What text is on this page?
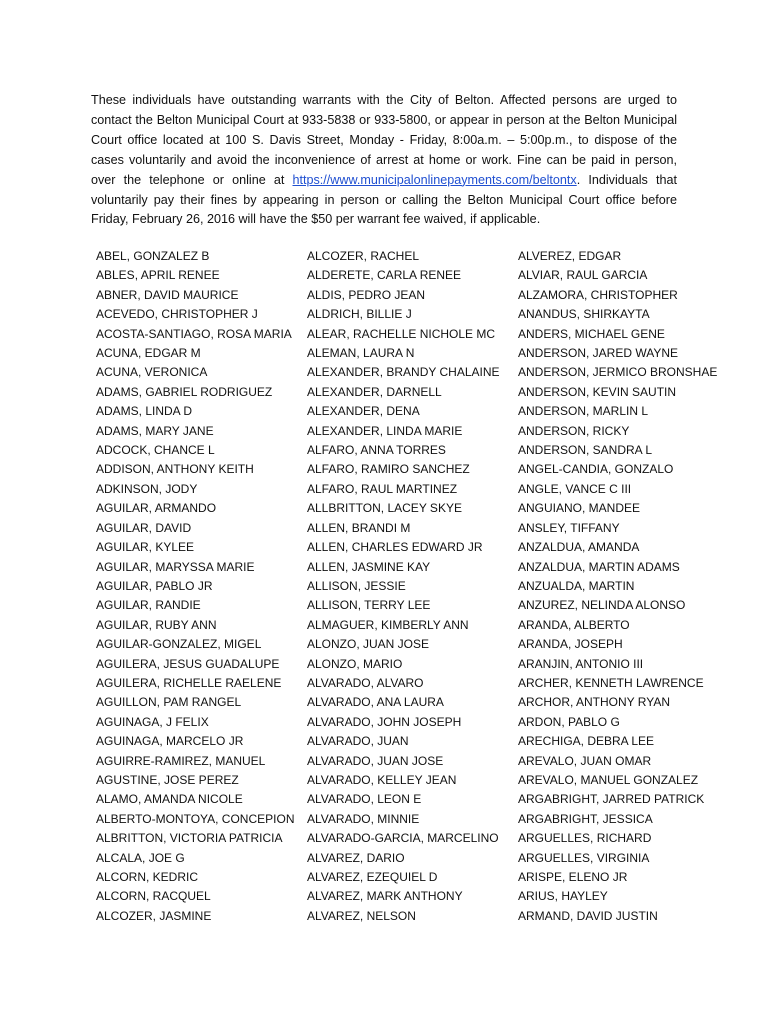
These individuals have outstanding warrants with the City of Belton. Affected persons are urged to contact the Belton Municipal Court at 933-5838 or 933-5800, or appear in person at the Belton Municipal Court office located at 100 S. Davis Street, Monday - Friday, 8:00a.m. – 5:00p.m., to dispose of the cases voluntarily and avoid the inconvenience of arrest at home or work. Fine can be paid in person, over the telephone or online at https://www.municipalonlinepayments.com/beltontx. Individuals that voluntarily pay their fines by appearing in person or calling the Belton Municipal Court office before Friday, February 26, 2016 will have the $50 per warrant fee waived, if applicable.

ABEL, GONZALEZ B
ABLES, APRIL RENEE
ABNER, DAVID MAURICE
ACEVEDO, CHRISTOPHER J
ACOSTA-SANTIAGO, ROSA MARIA
ACUNA, EDGAR M
ACUNA, VERONICA
ADAMS, GABRIEL RODRIGUEZ
ADAMS, LINDA D
ADAMS, MARY JANE
ADCOCK, CHANCE L
ADDISON, ANTHONY KEITH
ADKINSON, JODY
AGUILAR, ARMANDO
AGUILAR, DAVID
AGUILAR, KYLEE
AGUILAR, MARYSSA MARIE
AGUILAR, PABLO JR
AGUILAR, RANDIE
AGUILAR, RUBY ANN
AGUILAR-GONZALEZ, MIGEL
AGUILERA, JESUS GUADALUPE
AGUILERA, RICHELLE RAELENE
AGUILLON, PAM RANGEL
AGUINAGA, J FELIX
AGUINAGA, MARCELO JR
AGUIRRE-RAMIREZ, MANUEL
AGUSTINE, JOSE PEREZ
ALAMO, AMANDA NICOLE
ALBERTO-MONTOYA, CONCEPION
ALBRITTON, VICTORIA PATRICIA
ALCALA, JOE G
ALCORN, KEDRIC
ALCORN, RACQUEL
ALCOZER, JASMINE
ALCOZER, RACHEL
ALDERETE, CARLA RENEE
ALDIS, PEDRO JEAN
ALDRICH, BILLIE J
ALEAR, RACHELLE NICHOLE MC
ALEMAN, LAURA N
ALEXANDER, BRANDY CHALAINE
ALEXANDER, DARNELL
ALEXANDER, DENA
ALEXANDER, LINDA MARIE
ALFARO, ANNA TORRES
ALFARO, RAMIRO SANCHEZ
ALFARO, RAUL MARTINEZ
ALLBRITTON, LACEY SKYE
ALLEN, BRANDI M
ALLEN, CHARLES EDWARD JR
ALLEN, JASMINE KAY
ALLISON, JESSIE
ALLISON, TERRY LEE
ALMAGUER, KIMBERLY ANN
ALONZO, JUAN JOSE
ALONZO, MARIO
ALVARADO, ALVARO
ALVARADO, ANA LAURA
ALVARADO, JOHN JOSEPH
ALVARADO, JUAN
ALVARADO, JUAN JOSE
ALVARADO, KELLEY JEAN
ALVARADO, LEON E
ALVARADO, MINNIE
ALVARADO-GARCIA, MARCELINO
ALVAREZ, DARIO
ALVAREZ, EZEQUIEL D
ALVAREZ, MARK ANTHONY
ALVAREZ, NELSON
ALVEREZ, EDGAR
ALVIAR, RAUL GARCIA
ALZAMORA, CHRISTOPHER
ANANDUS, SHIRKAYTA
ANDERS, MICHAEL GENE
ANDERSON, JARED WAYNE
ANDERSON, JERMICO BRONSHAE
ANDERSON, KEVIN SAUTIN
ANDERSON, MARLIN L
ANDERSON, RICKY
ANDERSON, SANDRA L
ANGEL-CANDIA, GONZALO
ANGLE, VANCE C III
ANGUIANO, MANDEE
ANSLEY, TIFFANY
ANZALDUA, AMANDA
ANZALDUA, MARTIN ADAMS
ANZUALDA, MARTIN
ANZUREZ, NELINDA ALONSO
ARANDA, ALBERTO
ARANDA, JOSEPH
ARANJIN, ANTONIO III
ARCHER, KENNETH LAWRENCE
ARCHOR, ANTHONY RYAN
ARDON, PABLO G
ARECHIGA, DEBRA LEE
AREVALO, JUAN OMAR
AREVALO, MANUEL GONZALEZ
ARGABRIGHT, JARRED PATRICK
ARGABRIGHT, JESSICA
ARGUELLES, RICHARD
ARGUELLES, VIRGINIA
ARISPE, ELENO JR
ARIUS, HAYLEY
ARMAND, DAVID JUSTIN
